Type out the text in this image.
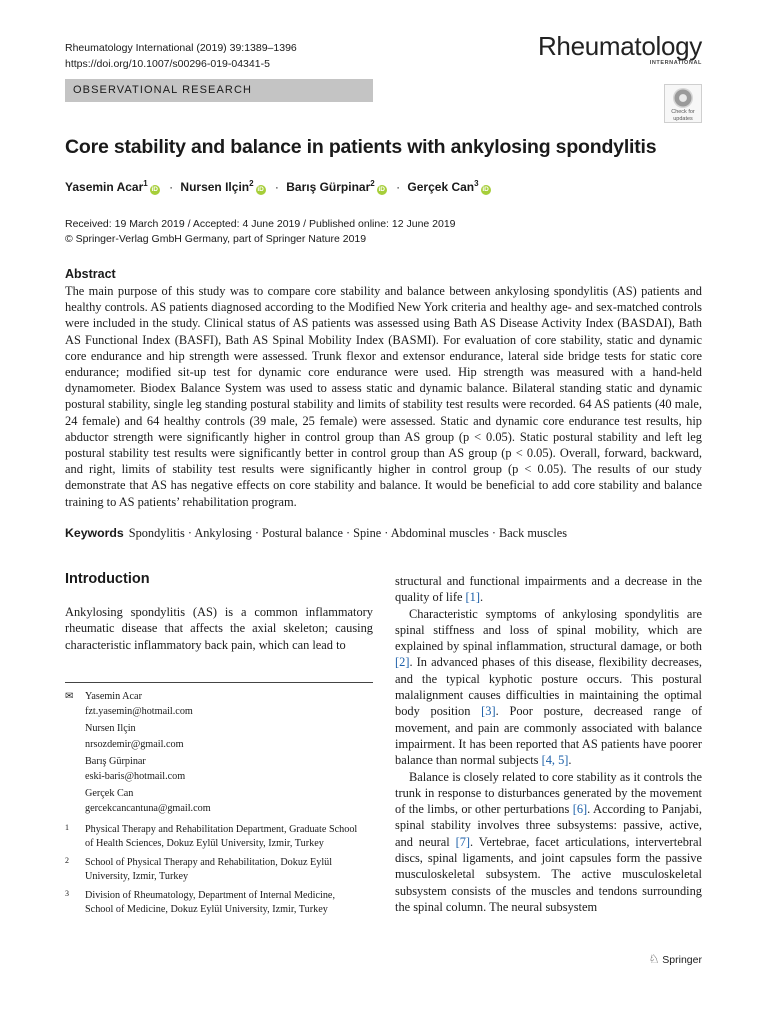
Rheumatology International (2019) 39:1389–1396
https://doi.org/10.1007/s00296-019-04341-5
Rheumatology
INTERNATIONAL
OBSERVATIONAL RESEARCH
Check for
updates
Core stability and balance in patients with ankylosing spondylitis
Yasemin Acar$^1$iD · Nursen Ilçin$^2$iD · Barış Gürpinar$^2$iD · Gerçek Can$^3$iD
Received: 19 March 2019 / Accepted: 4 June 2019 / Published online: 12 June 2019
© Springer-Verlag GmbH Germany, part of Springer Nature 2019
Abstract

The main purpose of this study was to compare core stability and balance between ankylosing spondylitis (AS) patients and healthy controls. AS patients diagnosed according to the Modified New York criteria and healthy age- and sex-matched controls were included in the study. Clinical status of AS patients was assessed using Bath AS Disease Activity Index (BASDAI), Bath AS Functional Index (BASFI), Bath AS Spinal Mobility Index (BASMI). For evaluation of core stability, static and dynamic core endurance and hip strength were assessed. Trunk flexor and extensor endurance, lateral side bridge tests for static core endurance; modified sit-up test for dynamic core endurance were used. Hip strength was measured with a hand-held dynamometer. Biodex Balance System was used to assess static and dynamic balance. Bilateral standing static and dynamic postural stability, single leg standing postural stability and limits of stability test results were recorded. 64 AS patients (40 male, 24 female) and 64 healthy controls (39 male, 25 female) were assessed. Static and dynamic core endurance test results, hip abductor strength were significantly higher in control group than AS group (p < 0.05). Static postural stability and left leg postural stability test results were significantly better in control group than AS group (p < 0.05). Overall, forward, backward, and right, limits of stability test results were significantly higher in control group (p < 0.05). The results of our study demonstrate that AS has negative effects on core stability and balance. It would be beneficial to add core stability and balance training to AS patients’ rehabilitation program.

Keywords Spondylitis · Ankylosing · Postural balance · Spine · Abdominal muscles · Back muscles
Introduction

Ankylosing spondylitis (AS) is a common inflammatory rheumatic disease that affects the axial skeleton; causing characteristic inflammatory back pain, which can lead to

structural and functional impairments and a decrease in the quality of life [1].

Characteristic symptoms of ankylosing spondylitis are spinal stiffness and loss of spinal mobility, which are explained by spinal inflammation, structural damage, or both [2]. In advanced phases of this disease, flexibility decreases, and the typical kyphotic posture occurs. This postural malalignment causes difficulties in maintaining the optimal body position [3]. Poor posture, decreased range of movement, and pain are commonly associated with balance impairment. It has been reported that AS patients have poorer balance than normal subjects [4, 5].

Balance is closely related to core stability as it controls the trunk in response to disturbances generated by the movement of the limbs, or other perturbations [6]. According to Panjabi, spinal stability involves three subsystems: passive, active, and neural [7]. Vertebrae, facet articulations, intervertebral discs, spinal ligaments, and joint capsules form the passive musculoskeletal subsystem. The active musculoskeletal subsystem consists of the muscles and tendons surrounding the spinal column. The neural subsystem

✉ Yasemin Acar
fzt.yasemin@hotmail.com
Nursen Ilçin
nrsozdemir@gmail.com
Barış Gürpinar
eski-baris@hotmail.com
Gerçek Can
gercekcancantuna@gmail.com
1 Physical Therapy and Rehabilitation Department, Graduate School of Health Sciences, Dokuz Eylül University, Izmir, Turkey
2 School of Physical Therapy and Rehabilitation, Dokuz Eylül University, Izmir, Turkey
3 Division of Rheumatology, Department of Internal Medicine, School of Medicine, Dokuz Eylül University, Izmir, Turkey
♘ Springer
